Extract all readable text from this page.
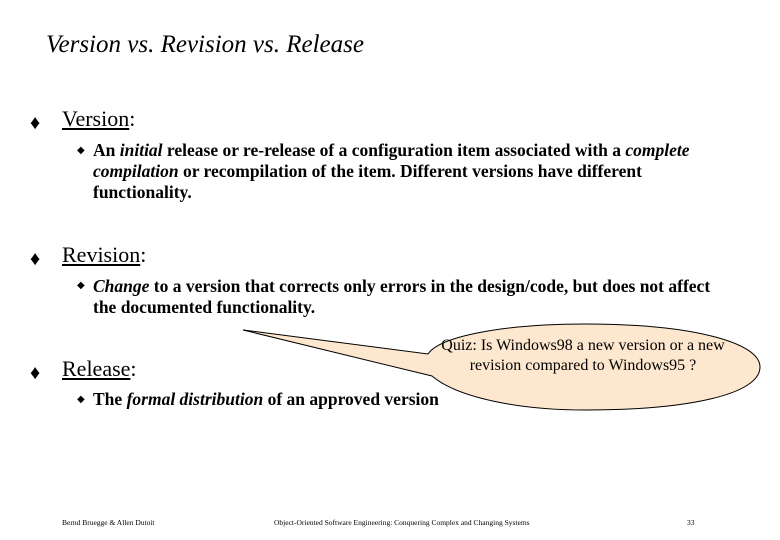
Version vs. Revision vs. Release
♦ Version:
◆ An initial release or re-release of a configuration item associated with a complete compilation or recompilation of the item. Different versions have different functionality.
♦ Revision:
◆ Change to a version that corrects only errors in the design/code, but does not affect the documented functionality.
♦ Release:
◆ The formal distribution of an approved version
Quiz: Is Windows98 a new version or a new revision compared to Windows95 ?
Bernd Bruegge & Allen Dutoit	Object-Oriented Software Engineering: Conquering Complex and Changing Systems	33
